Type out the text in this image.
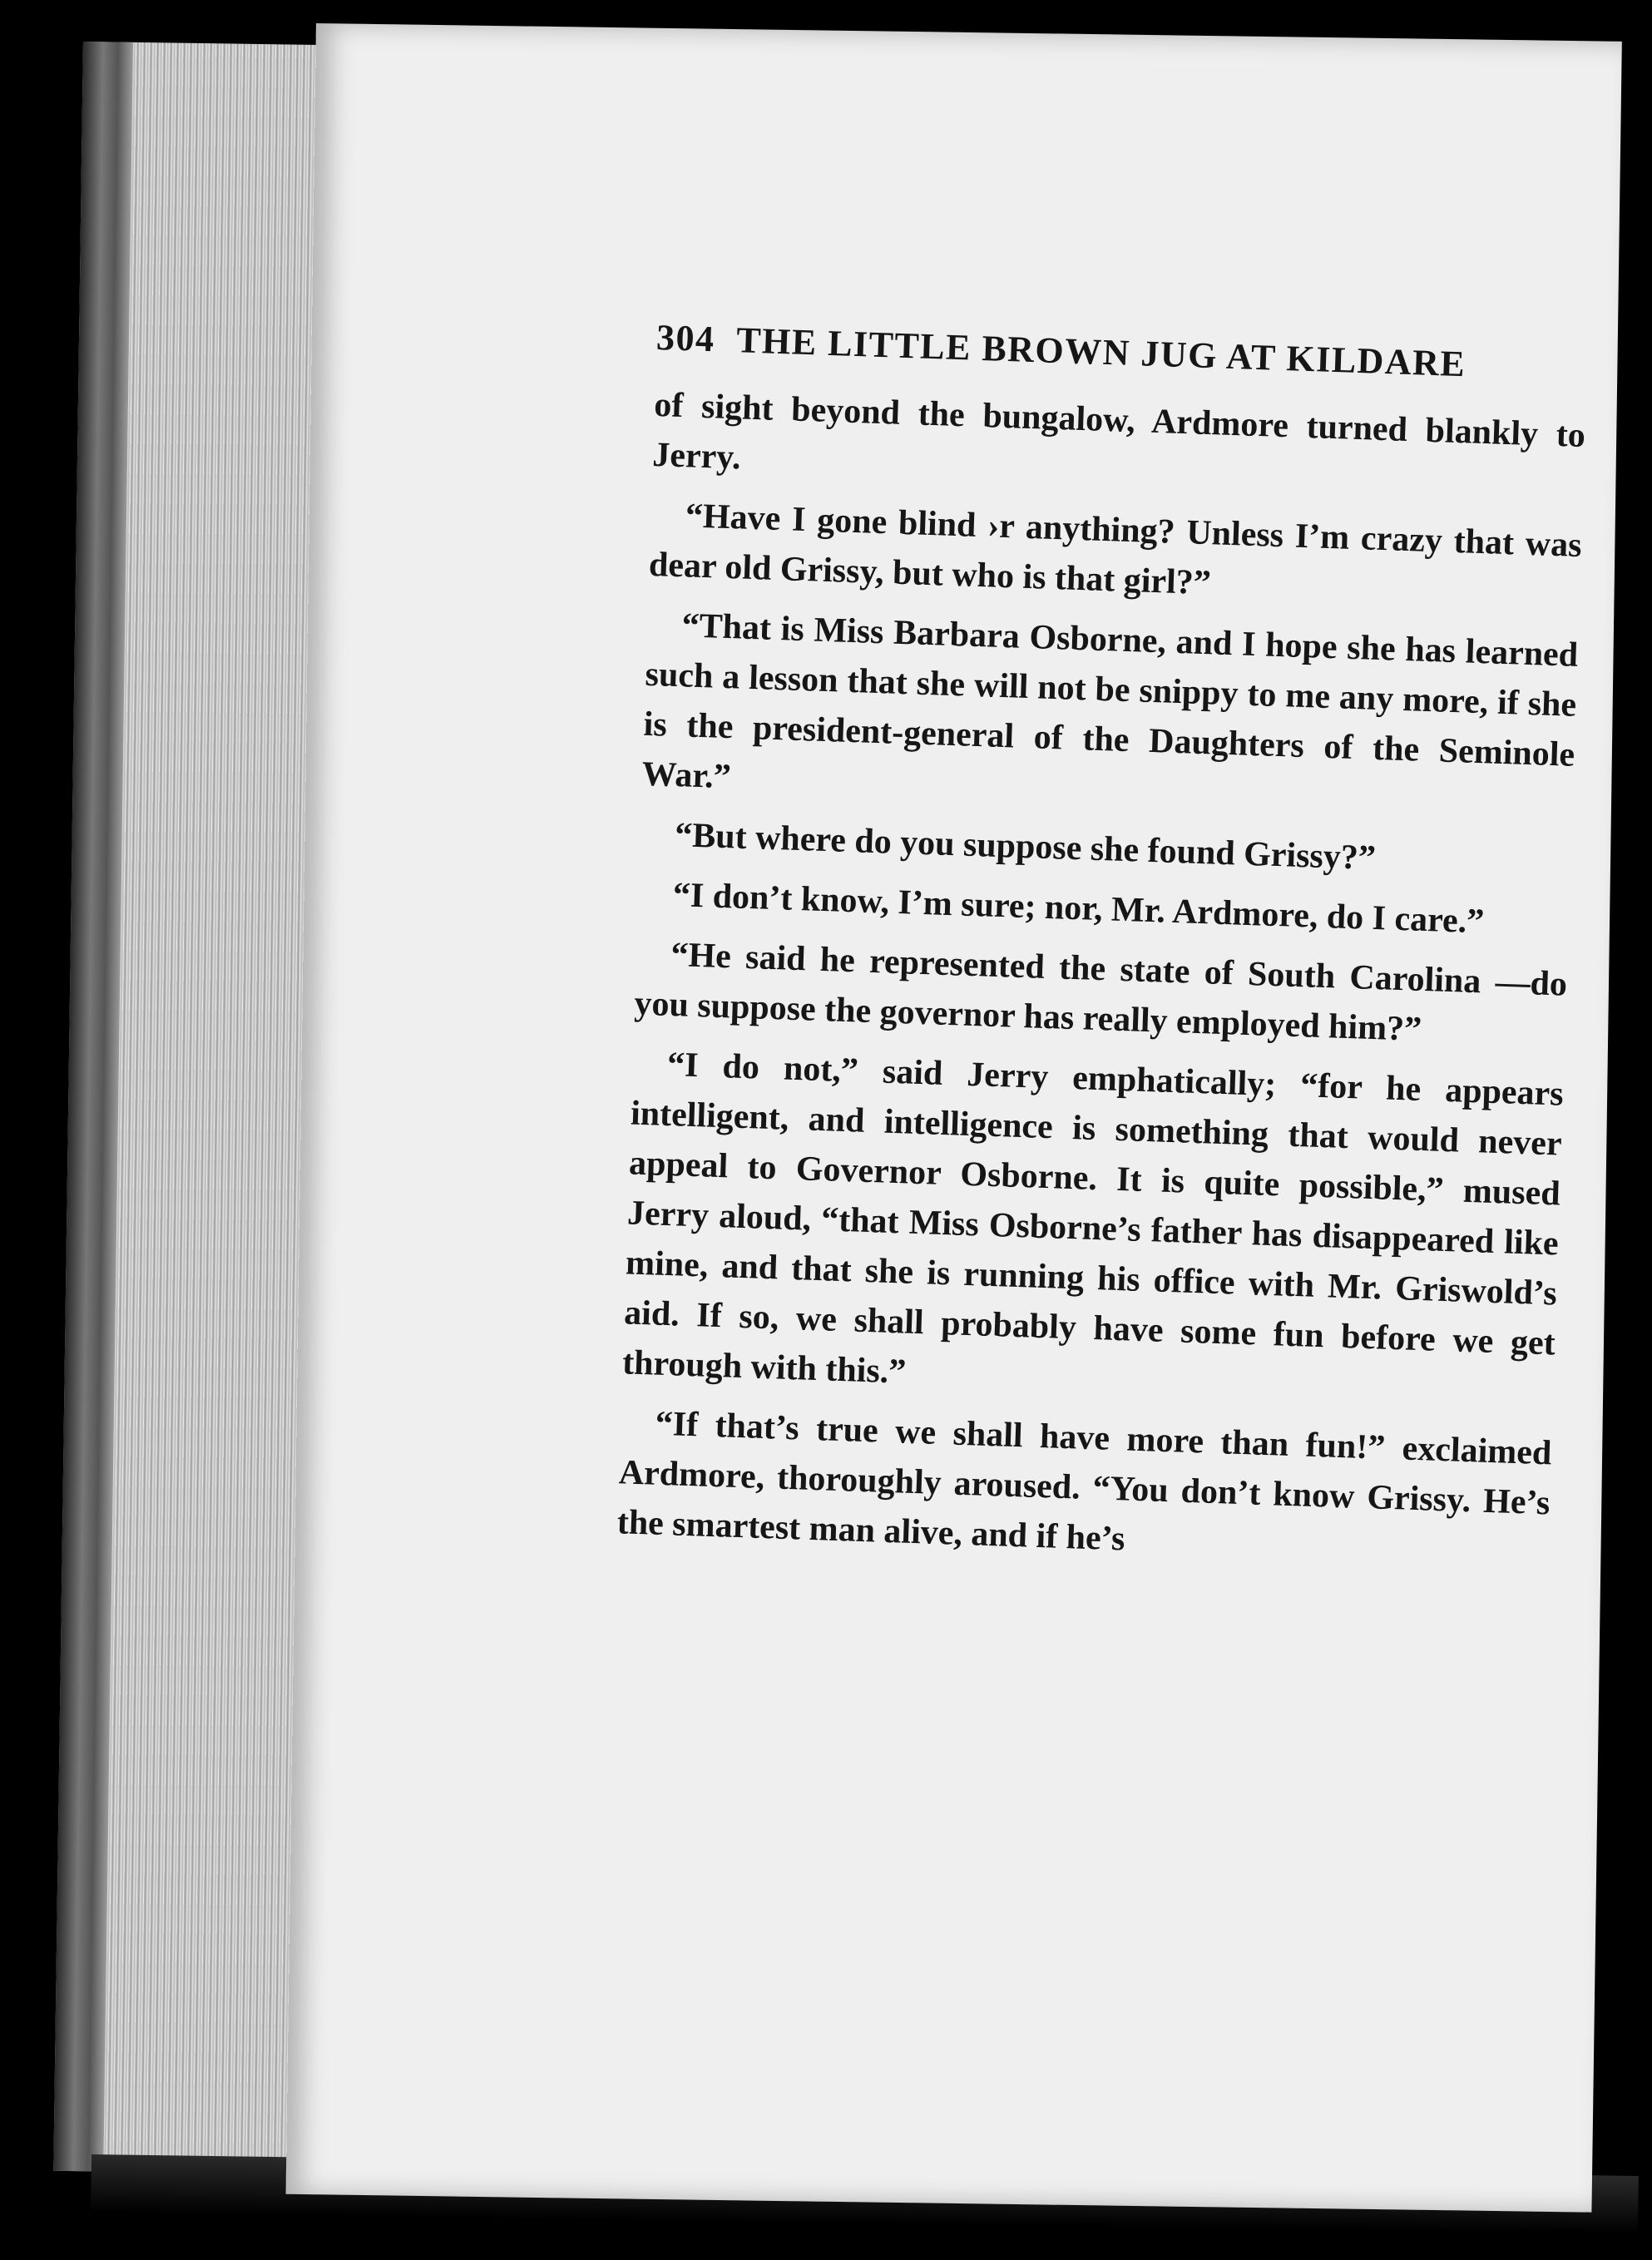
304 THE LITTLE BROWN JUG AT KILDARE

of sight beyond the bungalow, Ardmore turned blankly to Jerry.

“Have I gone blind ›r anything? Unless I’m crazy that was dear old Grissy, but who is that girl?”

“That is Miss Barbara Osborne, and I hope she has learned such a lesson that she will not be snippy to me any more, if she is the president-general of the Daughters of the Seminole War.”

“But where do you suppose she found Grissy?”

“I don’t know, I’m sure; nor, Mr. Ardmore, do I care.”

“He said he represented the state of South Carolina —do you suppose the governor has really employed him?”

“I do not,” said Jerry emphatically; “for he appears intelligent, and intelligence is something that would never appeal to Governor Osborne. It is quite possible,” mused Jerry aloud, “that Miss Osborne’s father has disappeared like mine, and that she is running his office with Mr. Griswold’s aid. If so, we shall probably have some fun before we get through with this.”

“If that’s true we shall have more than fun!” exclaimed Ardmore, thoroughly aroused. “You don’t know Grissy. He’s the smartest man alive, and if he’s
